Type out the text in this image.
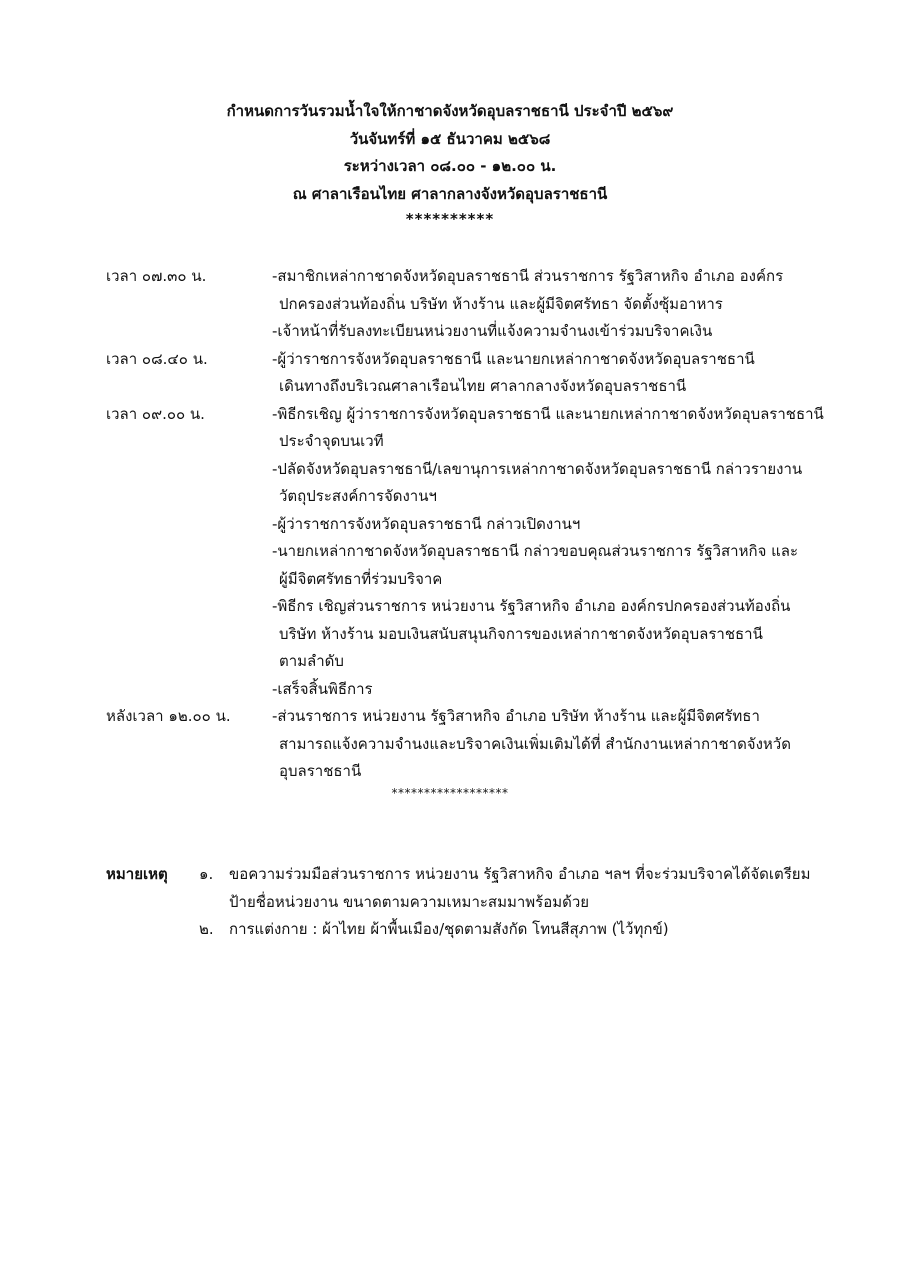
กำหนดการวันรวมน้ำใจให้กาชาดจังหวัดอุบลราชธานี ประจำปี ๒๕๖๙
วันจันทร์ที่ ๑๕ ธันวาคม ๒๕๖๘
ระหว่างเวลา ๐๘.๐๐ - ๑๒.๐๐ น.
ณ ศาลาเรือนไทย ศาลากลางจังหวัดอุบลราชธานี
**********
เวลา ๐๗.๓๐ น.	-สมาชิกเหล่ากาชาดจังหวัดอุบลราชธานี ส่วนราชการ รัฐวิสาหกิจ อำเภอ องค์กร
ปกครองส่วนท้องถิ่น บริษัท ห้างร้าน และผู้มีจิตศรัทธา จัดตั้งซุ้มอาหาร
-เจ้าหน้าที่รับลงทะเบียนหน่วยงานที่แจ้งความจำนงเข้าร่วมบริจาคเงิน
เวลา ๐๘.๔๐ น.	-ผู้ว่าราชการจังหวัดอุบลราชธานี และนายกเหล่ากาชาดจังหวัดอุบลราชธานี
เดินทางถึงบริเวณศาลาเรือนไทย ศาลากลางจังหวัดอุบลราชธานี
เวลา ๐๙.๐๐ น.	-พิธีกรเชิญ ผู้ว่าราชการจังหวัดอุบลราชธานี และนายกเหล่ากาชาดจังหวัดอุบลราชธานี
ประจำจุดบนเวที
-ปลัดจังหวัดอุบลราชธานี/เลขานุการเหล่ากาชาดจังหวัดอุบลราชธานี กล่าวรายงาน
วัตถุประสงค์การจัดงานฯ
-ผู้ว่าราชการจังหวัดอุบลราชธานี กล่าวเปิดงานฯ
-นายกเหล่ากาชาดจังหวัดอุบลราชธานี กล่าวขอบคุณส่วนราชการ รัฐวิสาหกิจ และ
ผู้มีจิตศรัทธาที่ร่วมบริจาค
-พิธีกร เชิญส่วนราชการ หน่วยงาน รัฐวิสาหกิจ อำเภอ องค์กรปกครองส่วนท้องถิ่น
บริษัท ห้างร้าน มอบเงินสนับสนุนกิจการของเหล่ากาชาดจังหวัดอุบลราชธานี
ตามลำดับ
-เสร็จสิ้นพิธีการ
หลังเวลา ๑๒.๐๐ น.	-ส่วนราชการ หน่วยงาน รัฐวิสาหกิจ อำเภอ บริษัท ห้างร้าน และผู้มีจิตศรัทธา
สามารถแจ้งความจำนงและบริจาคเงินเพิ่มเติมได้ที่ สำนักงานเหล่ากาชาดจังหวัด
อุบลราชธานี
******************
หมายเหตุ	๑.	ขอความร่วมมือส่วนราชการ หน่วยงาน รัฐวิสาหกิจ อำเภอ ฯลฯ ที่จะร่วมบริจาคได้จัดเตรียม
ป้ายชื่อหน่วยงาน ขนาดตามความเหมาะสมมาพร้อมด้วย
๒.	การแต่งกาย : ผ้าไทย ผ้าพื้นเมือง/ชุดตามสังกัด โทนสีสุภาพ (ไว้ทุกข์)
